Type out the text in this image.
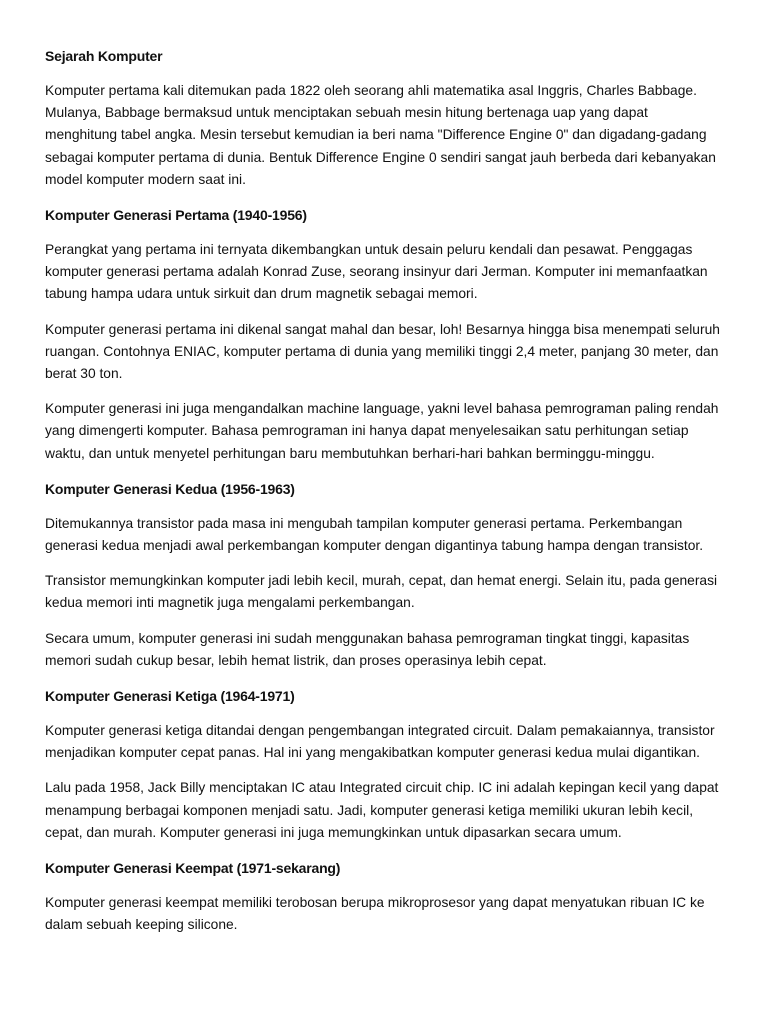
Sejarah Komputer

Komputer pertama kali ditemukan pada 1822 oleh seorang ahli matematika asal Inggris, Charles Babbage. Mulanya, Babbage bermaksud untuk menciptakan sebuah mesin hitung bertenaga uap yang dapat menghitung tabel angka. Mesin tersebut kemudian ia beri nama "Difference Engine 0" dan digadang-gadang sebagai komputer pertama di dunia. Bentuk Difference Engine 0 sendiri sangat jauh berbeda dari kebanyakan model komputer modern saat ini.

Komputer Generasi Pertama (1940-1956)

Perangkat yang pertama ini ternyata dikembangkan untuk desain peluru kendali dan pesawat. Penggagas komputer generasi pertama adalah Konrad Zuse, seorang insinyur dari Jerman. Komputer ini memanfaatkan tabung hampa udara untuk sirkuit dan drum magnetik sebagai memori.

Komputer generasi pertama ini dikenal sangat mahal dan besar, loh! Besarnya hingga bisa menempati seluruh ruangan. Contohnya ENIAC, komputer pertama di dunia yang memiliki tinggi 2,4 meter, panjang 30 meter, dan berat 30 ton.

Komputer generasi ini juga mengandalkan machine language, yakni level bahasa pemrograman paling rendah yang dimengerti komputer. Bahasa pemrograman ini hanya dapat menyelesaikan satu perhitungan setiap waktu, dan untuk menyetel perhitungan baru membutuhkan berhari-hari bahkan berminggu-minggu.

Komputer Generasi Kedua (1956-1963)

Ditemukannya transistor pada masa ini mengubah tampilan komputer generasi pertama. Perkembangan generasi kedua menjadi awal perkembangan komputer dengan digantinya tabung hampa dengan transistor.

Transistor memungkinkan komputer jadi lebih kecil, murah, cepat, dan hemat energi. Selain itu, pada generasi kedua memori inti magnetik juga mengalami perkembangan.

Secara umum, komputer generasi ini sudah menggunakan bahasa pemrograman tingkat tinggi, kapasitas memori sudah cukup besar, lebih hemat listrik, dan proses operasinya lebih cepat.

Komputer Generasi Ketiga (1964-1971)

Komputer generasi ketiga ditandai dengan pengembangan integrated circuit. Dalam pemakaiannya, transistor menjadikan komputer cepat panas. Hal ini yang mengakibatkan komputer generasi kedua mulai digantikan.

Lalu pada 1958, Jack Billy menciptakan IC atau Integrated circuit chip. IC ini adalah kepingan kecil yang dapat menampung berbagai komponen menjadi satu. Jadi, komputer generasi ketiga memiliki ukuran lebih kecil, cepat, dan murah. Komputer generasi ini juga memungkinkan untuk dipasarkan secara umum.

Komputer Generasi Keempat (1971-sekarang)

Komputer generasi keempat memiliki terobosan berupa mikroprosesor yang dapat menyatukan ribuan IC ke dalam sebuah keeping silicone.
